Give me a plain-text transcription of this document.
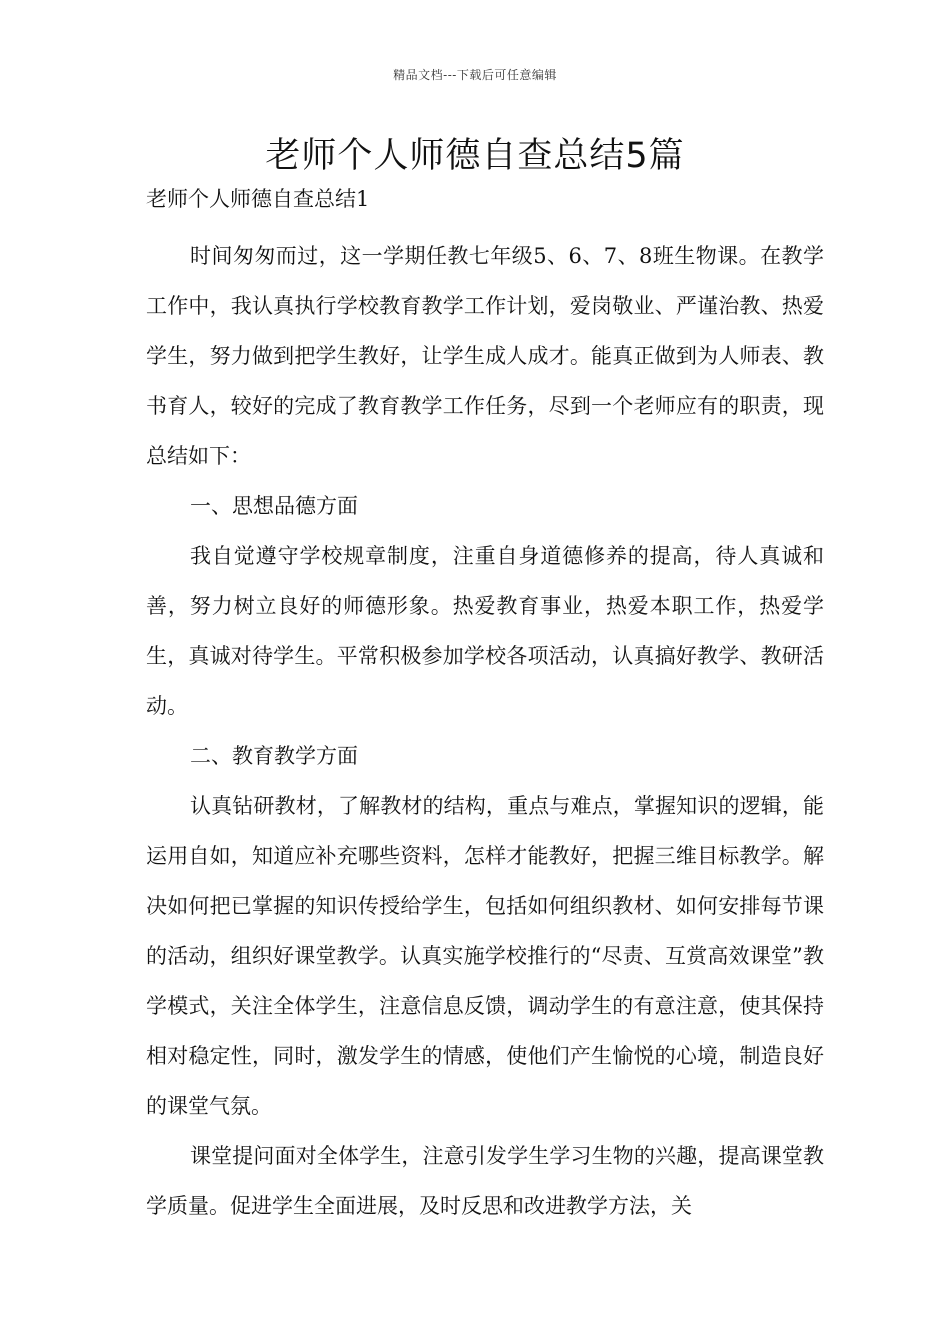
精品文档---下载后可任意编辑
老师个人师德自查总结5篇

老师个人师德自查总结1

时间匆匆而过，这一学期任教七年级5、6、7、8班生物课。在教学工作中，我认真执行学校教育教学工作计划，爱岗敬业、严谨治教、热爱学生，努力做到把学生教好，让学生成人成才。能真正做到为人师表、教书育人，较好的完成了教育教学工作任务，尽到一个老师应有的职责，现总结如下：

一、思想品德方面

我自觉遵守学校规章制度，注重自身道德修养的提高，待人真诚和善，努力树立良好的师德形象。热爱教育事业，热爱本职工作，热爱学生，真诚对待学生。平常积极参加学校各项活动，认真搞好教学、教研活动。

二、教育教学方面

认真钻研教材，了解教材的结构，重点与难点，掌握知识的逻辑，能运用自如，知道应补充哪些资料，怎样才能教好，把握三维目标教学。解决如何把已掌握的知识传授给学生，包括如何组织教材、如何安排每节课的活动，组织好课堂教学。认真实施学校推行的“尽责、互赏高效课堂”教学模式，关注全体学生，注意信息反馈，调动学生的有意注意，使其保持相对稳定性，同时，激发学生的情感，使他们产生愉悦的心境，制造良好的课堂气氛。

课堂提问面对全体学生，注意引发学生学习生物的兴趣，提高课堂教学质量。促进学生全面进展，及时反思和改进教学方法，关
